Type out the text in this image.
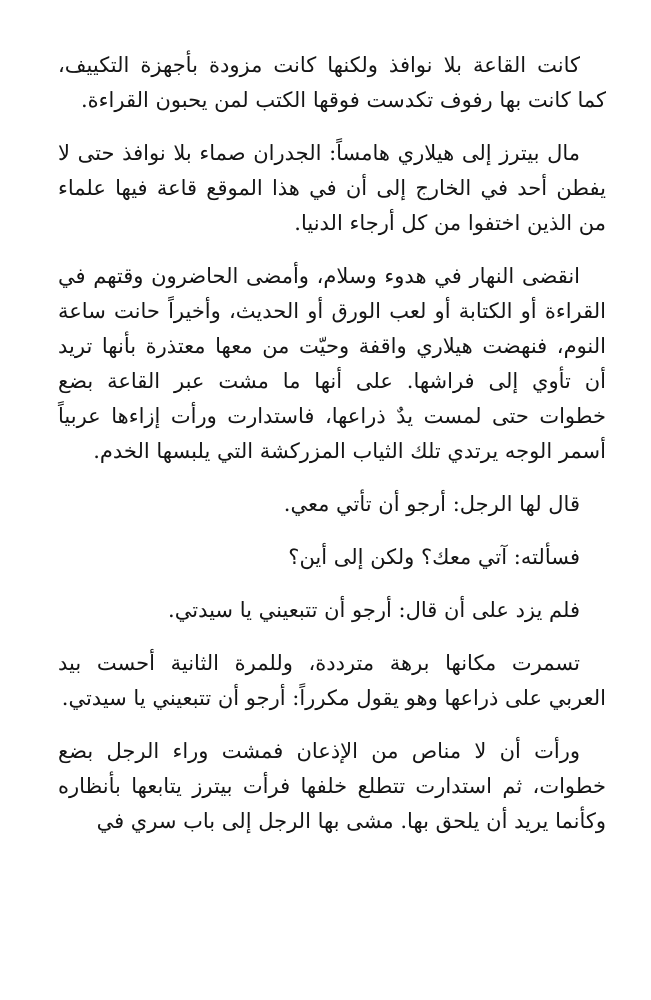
كانت القاعة بلا نوافذ ولكنها كانت مزودة بأجهزة التكييف، كما كانت بها رفوف تكدست فوقها الكتب لمن يحبون القراءة.

مال بيترز إلى هيلاري هامساً: الجدران صماء بلا نوافذ حتى لا يفطن أحد في الخارج إلى أن في هذا الموقع قاعة فيها علماء من الذين اختفوا من كل أرجاء الدنيا.

انقضى النهار في هدوء وسلام، وأمضى الحاضرون وقتهم في القراءة أو الكتابة أو لعب الورق أو الحديث، وأخيراً حانت ساعة النوم، فنهضت هيلاري واقفة وحيّت من معها معتذرة بأنها تريد أن تأوي إلى فراشها. على أنها ما مشت عبر القاعة بضع خطوات حتى لمست يدٌ ذراعها، فاستدارت ورأت إزاءها عربياً أسمر الوجه يرتدي تلك الثياب المزركشة التي يلبسها الخدم.

قال لها الرجل: أرجو أن تأتي معي.

فسألته: آتي معك؟ ولكن إلى أين؟

فلم يزد على أن قال: أرجو أن تتبعيني يا سيدتي.

تسمرت مكانها برهة مترددة، وللمرة الثانية أحست بيد العربي على ذراعها وهو يقول مكرراً: أرجو أن تتبعيني يا سيدتي.

ورأت أن لا مناص من الإذعان فمشت وراء الرجل بضع خطوات، ثم استدارت تتطلع خلفها فرأت بيترز يتابعها بأنظاره وكأنما يريد أن يلحق بها. مشى بها الرجل إلى باب سري في
